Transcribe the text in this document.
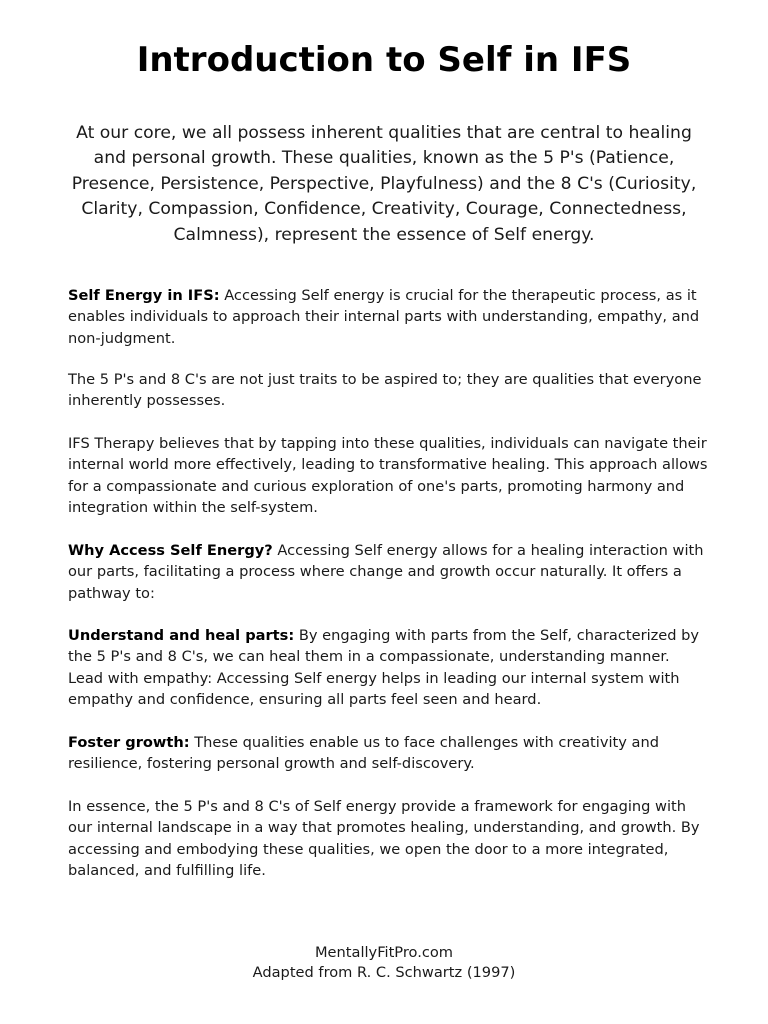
Introduction to Self in IFS

At our core, we all possess inherent qualities that are central to healing and personal growth. These qualities, known as the 5 P's (Patience, Presence, Persistence, Perspective, Playfulness) and the 8 C's (Curiosity, Clarity, Compassion, Confidence, Creativity, Courage, Connectedness, Calmness), represent the essence of Self energy.

Self Energy in IFS: Accessing Self energy is crucial for the therapeutic process, as it enables individuals to approach their internal parts with understanding, empathy, and non-judgment.

The 5 P's and 8 C's are not just traits to be aspired to; they are qualities that everyone inherently possesses.

IFS Therapy believes that by tapping into these qualities, individuals can navigate their internal world more effectively, leading to transformative healing. This approach allows for a compassionate and curious exploration of one's parts, promoting harmony and integration within the self-system.

Why Access Self Energy? Accessing Self energy allows for a healing interaction with our parts, facilitating a process where change and growth occur naturally. It offers a pathway to:

Understand and heal parts: By engaging with parts from the Self, characterized by the 5 P's and 8 C's, we can heal them in a compassionate, understanding manner. Lead with empathy: Accessing Self energy helps in leading our internal system with empathy and confidence, ensuring all parts feel seen and heard.

Foster growth: These qualities enable us to face challenges with creativity and resilience, fostering personal growth and self-discovery.

In essence, the 5 P's and 8 C's of Self energy provide a framework for engaging with our internal landscape in a way that promotes healing, understanding, and growth. By accessing and embodying these qualities, we open the door to a more integrated, balanced, and fulfilling life.

MentallyFitPro.com
Adapted from R. C. Schwartz (1997)
